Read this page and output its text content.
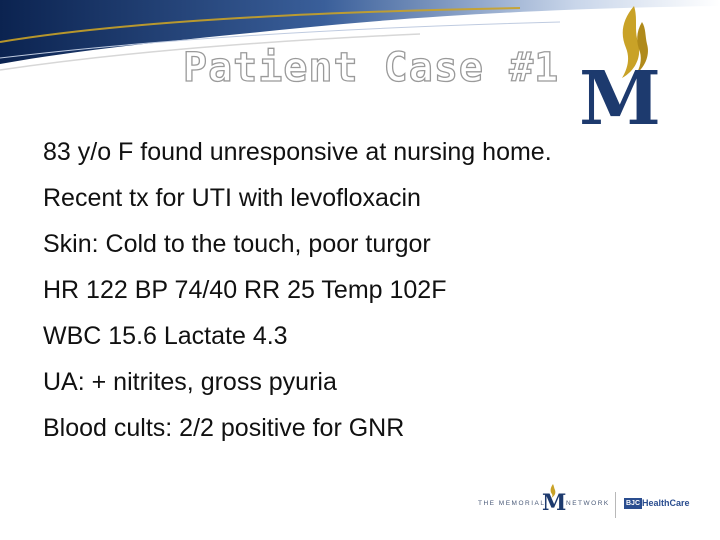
Patient Case #1 M
83 y/o F found unresponsive at nursing home.
Recent tx for UTI with levofloxacin
Skin: Cold to the touch, poor turgor
HR 122 BP 74/40 RR 25 Temp 102F
WBC 15.6 Lactate 4.3
UA: + nitrites, gross pyuria
Blood cults: 2/2 positive for GNR
THE MEMORIAL
M NETWORK BJC HealthCare
